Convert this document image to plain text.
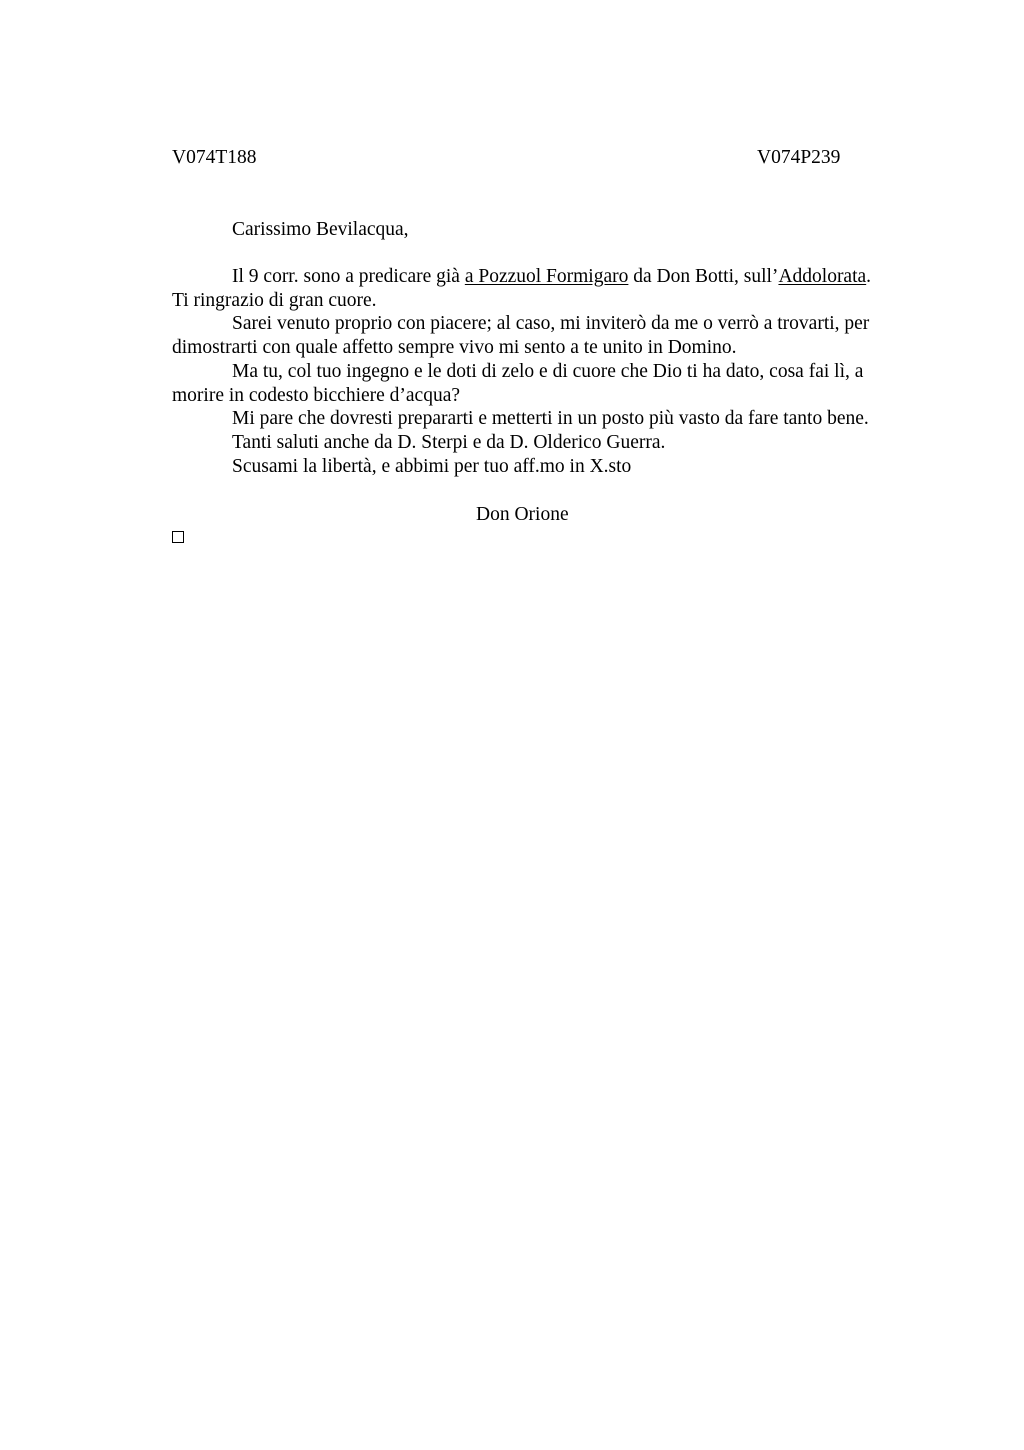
V074T188	V074P239
Carissimo Bevilacqua,
Il 9 corr. sono a predicare già a Pozzuol Formigaro da Don Botti, sull’Addolorata.
Ti ringrazio di gran cuore.
Sarei venuto proprio con piacere; al caso, mi inviterò da me o verrò a trovarti, per
dimostrarti con quale affetto sempre vivo mi sento a te unito in Domino.
Ma tu, col tuo ingegno e le doti di zelo e di cuore che Dio ti ha dato, cosa fai lì, a
morire in codesto bicchiere d’acqua?
Mi pare che dovresti prepararti e metterti in un posto più vasto da fare tanto bene.
Tanti saluti anche da D. Sterpi e da D. Olderico Guerra.
Scusami la libertà, e abbimi per tuo aff.mo in X.sto
Don Orione
